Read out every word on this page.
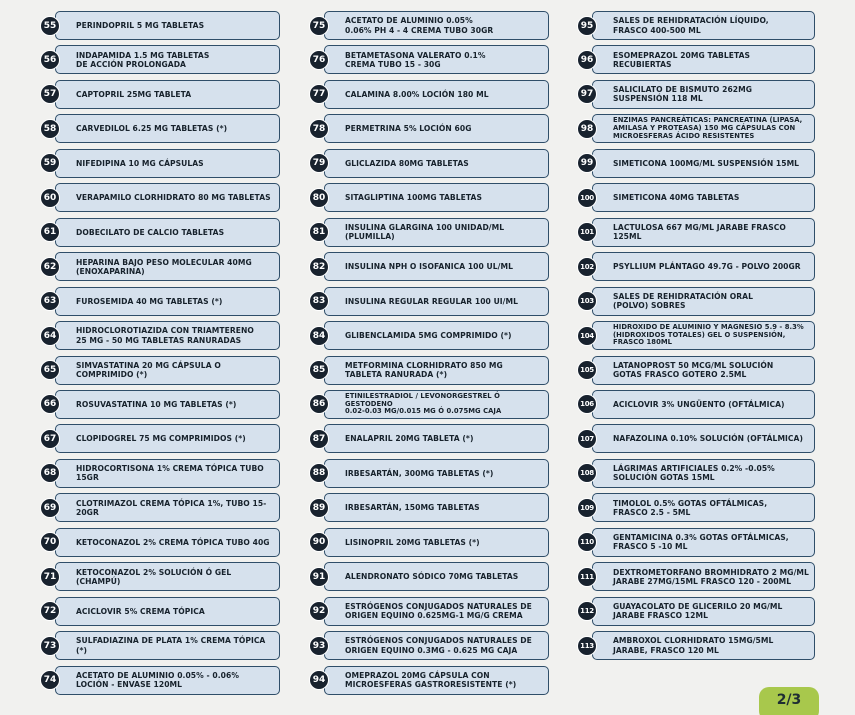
PERINDOPRIL 5 MG TABLETAS
55
INDAPAMIDA 1.5 MG TABLETAS
DE ACCIÓN PROLONGADA
56
CAPTOPRIL 25MG TABLETA
57
CARVEDILOL 6.25 MG TABLETAS (*)
58
NIFEDIPINA 10 MG CÁPSULAS
59
VERAPAMILO CLORHIDRATO 80 MG TABLETAS
60
DOBECILATO DE CALCIO TABLETAS
61
HEPARINA BAJO PESO MOLECULAR 40MG
(ENOXAPARINA)
62
FUROSEMIDA 40 MG TABLETAS (*)
63
HIDROCLOROTIAZIDA CON TRIAMTERENO
25 MG - 50 MG TABLETAS RANURADAS
64
SIMVASTATINA 20 MG CÁPSULA O COMPRIMIDO (*)
65
ROSUVASTATINA 10 MG TABLETAS (*)
66
CLOPIDOGREL 75 MG COMPRIMIDOS (*)
67
HIDROCORTISONA 1% CREMA TÓPICA TUBO 15GR
68
CLOTRIMAZOL CREMA TÓPICA 1%, TUBO 15-20GR
69
KETOCONAZOL 2% CREMA TÓPICA TUBO 40G
70
KETOCONAZOL 2% SOLUCIÓN Ó GEL (CHAMPÚ)
71
ACICLOVIR 5% CREMA TÓPICA
72
SULFADIAZINA DE PLATA 1% CREMA TÓPICA (*)
73
ACETATO DE ALUMINIO 0.05% - 0.06%
LOCIÓN - ENVASE 120ML
74
ACETATO DE ALUMINIO 0.05%
0.06% PH 4 - 4 CREMA TUBO 30GR
75
BETAMETASONA VALERATO 0.1%
CREMA TUBO 15 - 30G
76
CALAMINA 8.00% LOCIÓN 180 ML
77
PERMETRINA 5% LOCIÓN 60G
78
GLICLAZIDA 80MG TABLETAS
79
SITAGLIPTINA 100MG TABLETAS
80
INSULINA GLARGINA 100 UNIDAD/ML
(PLUMILLA)
81
INSULINA NPH O ISOFANICA 100 UL/ML
82
INSULINA REGULAR REGULAR 100 UI/ML
83
GLIBENCLAMIDA 5MG COMPRIMIDO (*)
84
METFORMINA CLORHIDRATO 850 MG
TABLETA RANURADA (*)
85
ETINILESTRADIOL / LEVONORGESTREL Ó GESTODENO
0.02-0.03 MG/0.015 MG Ó 0.075MG CAJA
86
ENALAPRIL 20MG TABLETA (*)
87
IRBESARTÁN, 300MG TABLETAS (*)
88
IRBESARTÁN, 150MG TABLETAS
89
LISINOPRIL 20MG TABLETAS (*)
90
ALENDRONATO SÓDICO 70MG TABLETAS
91
ESTRÓGENOS CONJUGADOS NATURALES DE
ORIGEN EQUINO 0.625MG-1 MG/G CREMA
92
ESTRÓGENOS CONJUGADOS NATURALES DE
ORIGEN EQUINO 0.3MG - 0.625 MG CAJA
93
OMEPRAZOL 20MG CÁPSULA CON
MICROESFERAS GASTRORESISTENTE (*)
94
SALES DE REHIDRATACIÓN LÍQUIDO,
FRASCO 400-500 ML
95
ESOMEPRAZOL 20MG TABLETAS RECUBIERTAS
96
SALICILATO DE BISMUTO 262MG
SUSPENSIÓN 118 ML
97
ENZIMAS PANCREÁTICAS: PANCREATINA (LIPASA,
AMILASA Y PROTEASA) 150 MG CÁPSULAS CON
MICROESFERAS ÁCIDO RESISTENTES
98
SIMETICONA 100MG/ML SUSPENSIÓN 15ML
99
SIMETICONA 40MG TABLETAS
100
LACTULOSA 667 MG/ML JARABE FRASCO 125ML
101
PSYLLIUM PLÁNTAGO 49.7G - POLVO 200GR
102
SALES DE REHIDRATACIÓN ORAL
(POLVO) SOBRES
103
HIDROXIDO DE ALUMINIO Y MAGNESIO 5.9 - 8.3%
(HIDROXIDOS TOTALES) GEL O SUSPENSIÓN,
FRASCO 180ML
104
LATANOPROST 50 MCG/ML SOLUCIÓN
GOTAS FRASCO GOTERO 2.5ML
105
ACICLOVIR 3% UNGÜENTO (OFTÁLMICA)
106
NAFAZOLINA 0.10% SOLUCIÓN (OFTÁLMICA)
107
LÁGRIMAS ARTIFICIALES 0.2% -0.05%
SOLUCIÓN GOTAS 15ML
108
TIMOLOL 0.5% GOTAS OFTÁLMICAS,
FRASCO 2.5 - 5ML
109
GENTAMICINA 0.3% GOTAS OFTÁLMICAS,
FRASCO 5 -10 ML
110
DEXTROMETORFANO BROMHIDRATO 2 MG/ML
JARABE 27MG/15ML FRASCO 120 - 200ML
111
GUAYACOLATO DE GLICERILO 20 MG/ML
JARABE FRASCO 12ML
112
AMBROXOL CLORHIDRATO 15MG/5ML
JARABE, FRASCO 120 ML
113
2/3
